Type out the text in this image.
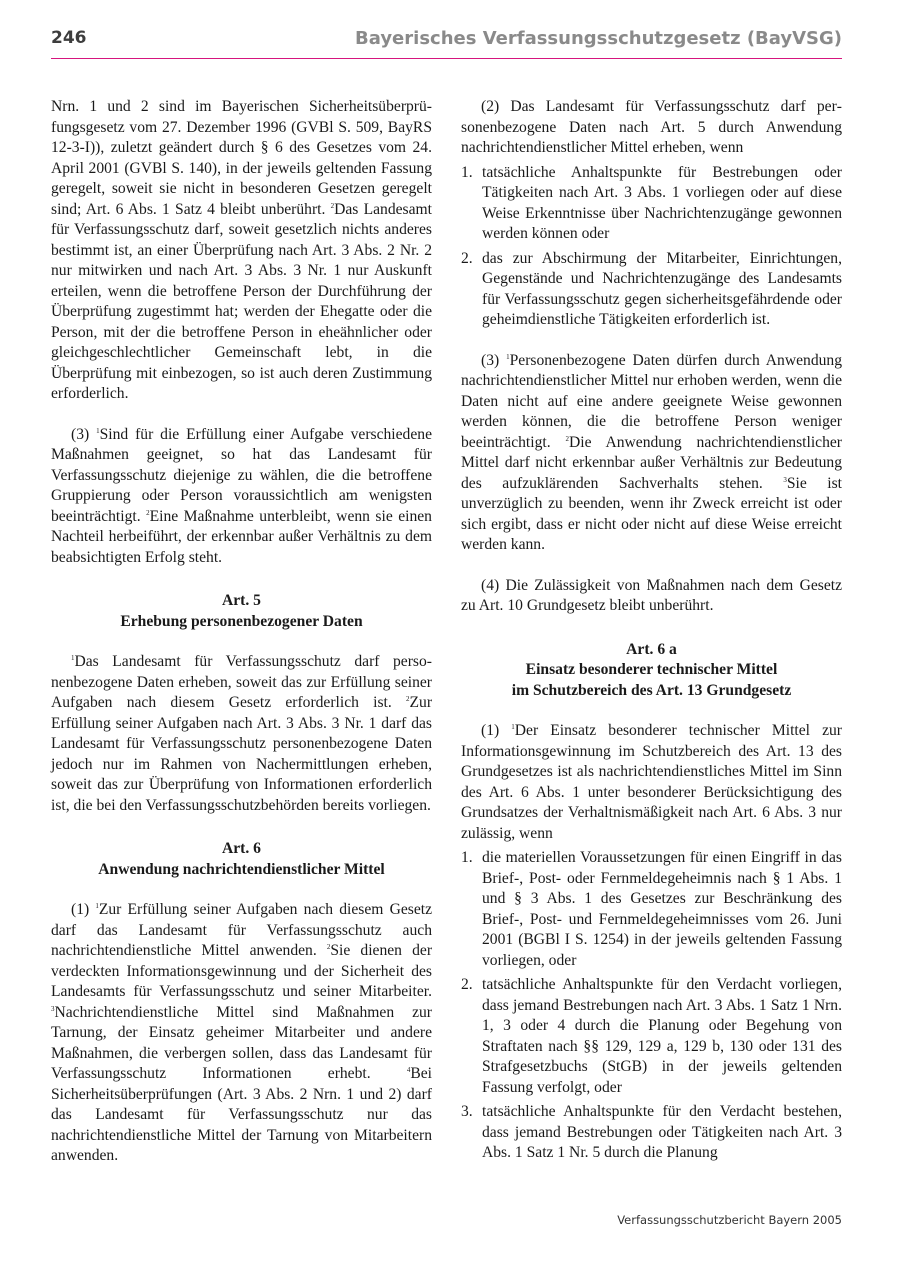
246	Bayerisches Verfassungsschutzgesetz (BayVSG)

Nrn. 1 und 2 sind im Bayerischen Sicherheitsüberprüfungsgesetz vom 27. Dezember 1996 (GVBl S. 509, BayRS 12-3-I)), zuletzt geändert durch § 6 des Gesetzes vom 24. April 2001 (GVBl S. 140), in der jeweils geltenden Fassung geregelt, soweit sie nicht in besonderen Gesetzen geregelt sind; Art. 6 Abs. 1 Satz 4 bleibt unberührt. $^2$Das Landesamt für Verfassungsschutz darf, soweit gesetzlich nichts anderes bestimmt ist, an einer Überprüfung nach Art. 3 Abs. 2 Nr. 2 nur mitwirken und nach Art. 3 Abs. 3 Nr. 1 nur Auskunft erteilen, wenn die betroffene Person der Durchführung der Überprüfung zugestimmt hat; werden der Ehegatte oder die Person, mit der die betroffene Person in eheähnlicher oder gleichgeschlechtlicher Gemeinschaft lebt, in die Überprüfung mit einbezogen, so ist auch deren Zustimmung erforderlich.

(3) $^1$Sind für die Erfüllung einer Aufgabe verschiedene Maßnahmen geeignet, so hat das Landesamt für Verfassungsschutz diejenige zu wählen, die die betroffene Gruppierung oder Person voraussichtlich am wenigsten beeinträchtigt. $^2$Eine Maßnahme unterbleibt, wenn sie einen Nachteil herbeiführt, der erkennbar außer Verhältnis zu dem beabsichtigten Erfolg steht.

Art. 5

Erhebung personenbezogener Daten

$^1$Das Landesamt für Verfassungsschutz darf personenbezogene Daten erheben, soweit das zur Erfüllung seiner Aufgaben nach diesem Gesetz erforderlich ist. $^2$Zur Erfüllung seiner Aufgaben nach Art. 3 Abs. 3 Nr. 1 darf das Landesamt für Verfassungsschutz personenbezogene Daten jedoch nur im Rahmen von Nachermittlungen erheben, soweit das zur Überprüfung von Informationen erforderlich ist, die bei den Verfassungsschutzbehörden bereits vorliegen.

Art. 6

Anwendung nachrichtendienstlicher Mittel

(1) $^1$Zur Erfüllung seiner Aufgaben nach diesem Gesetz darf das Landesamt für Verfassungsschutz auch nachrichtendienstliche Mittel anwenden. $^2$Sie dienen der verdeckten Informationsgewinnung und der Sicherheit des Landesamts für Verfassungsschutz und seiner Mitarbeiter. $^3$Nachrichtendienstliche Mittel sind Maßnahmen zur Tarnung, der Einsatz geheimer Mitarbeiter und andere Maßnahmen, die verbergen sollen, dass das Landesamt für Verfassungsschutz Informationen erhebt.	$^4$Bei Sicherheitsüberprüfungen (Art. 3 Abs. 2 Nrn. 1 und 2) darf das Landesamt für Verfassungsschutz nur das nachrichtendienstliche Mittel der Tarnung von Mitarbeitern anwenden.

(2) Das Landesamt für Verfassungsschutz darf personenbezogene Daten nach Art. 5 durch Anwendung nachrichtendienstlicher Mittel erheben, wenn

1. tatsächliche Anhaltspunkte für Bestrebungen oder Tätigkeiten nach Art. 3 Abs. 1 vorliegen oder auf diese Weise Erkenntnisse über Nachrichtenzugänge gewonnen werden können oder
2. das zur Abschirmung der Mitarbeiter, Einrichtungen, Gegenstände und Nachrichtenzugänge des Landesamts für Verfassungsschutz gegen sicherheitsgefährdende oder geheimdienstliche Tätigkeiten erforderlich ist.

(3) $^1$Personenbezogene Daten dürfen durch Anwendung nachrichtendienstlicher Mittel nur erhoben werden, wenn die Daten nicht auf eine andere geeignete Weise gewonnen werden können, die die betroffene Person weniger beeinträchtigt. $^2$Die Anwendung nachrichtendienstlicher Mittel darf nicht erkennbar außer Verhältnis zur Bedeutung des aufzuklärenden Sachverhalts stehen.	$^3$Sie ist unverzüglich zu beenden, wenn ihr Zweck erreicht ist oder sich ergibt, dass er nicht oder nicht auf diese Weise erreicht werden kann.

(4) Die Zulässigkeit von Maßnahmen nach dem Gesetz zu Art. 10 Grundgesetz bleibt unberührt.

Art. 6 a

Einsatz besonderer technischer Mittel

im Schutzbereich des Art. 13 Grundgesetz

(1) $^1$Der Einsatz besonderer technischer Mittel zur Informationsgewinnung im Schutzbereich des Art. 13 des Grundgesetzes ist als nachrichtendienstliches Mittel im Sinn des Art. 6 Abs. 1 unter besonderer Berücksichtigung des Grundsatzes der Verhaltnismäßigkeit nach Art. 6 Abs. 3 nur zulässig, wenn

1. die materiellen Voraussetzungen für einen Eingriff in das Brief-, Post- oder Fernmeldegeheimnis nach § 1 Abs. 1 und § 3 Abs. 1 des Gesetzes zur Beschränkung des Brief-, Post- und Fernmeldegeheimnisses vom 26. Juni 2001 (BGBl I S. 1254) in der jeweils geltenden Fassung vorliegen, oder
2. tatsächliche Anhaltspunkte für den Verdacht vorliegen, dass jemand Bestrebungen nach Art. 3 Abs. 1 Satz 1 Nrn. 1, 3 oder 4 durch die Planung oder Begehung von Straftaten nach §§ 129, 129 a, 129 b, 130 oder 131 des Strafgesetzbuchs (StGB) in der jeweils geltenden Fassung verfolgt, oder
3. tatsächliche Anhaltspunkte für den Verdacht bestehen, dass jemand Bestrebungen oder Tätigkeiten nach Art. 3 Abs. 1 Satz 1 Nr. 5 durch die Planung
Verfassungsschutzbericht Bayern 2005
